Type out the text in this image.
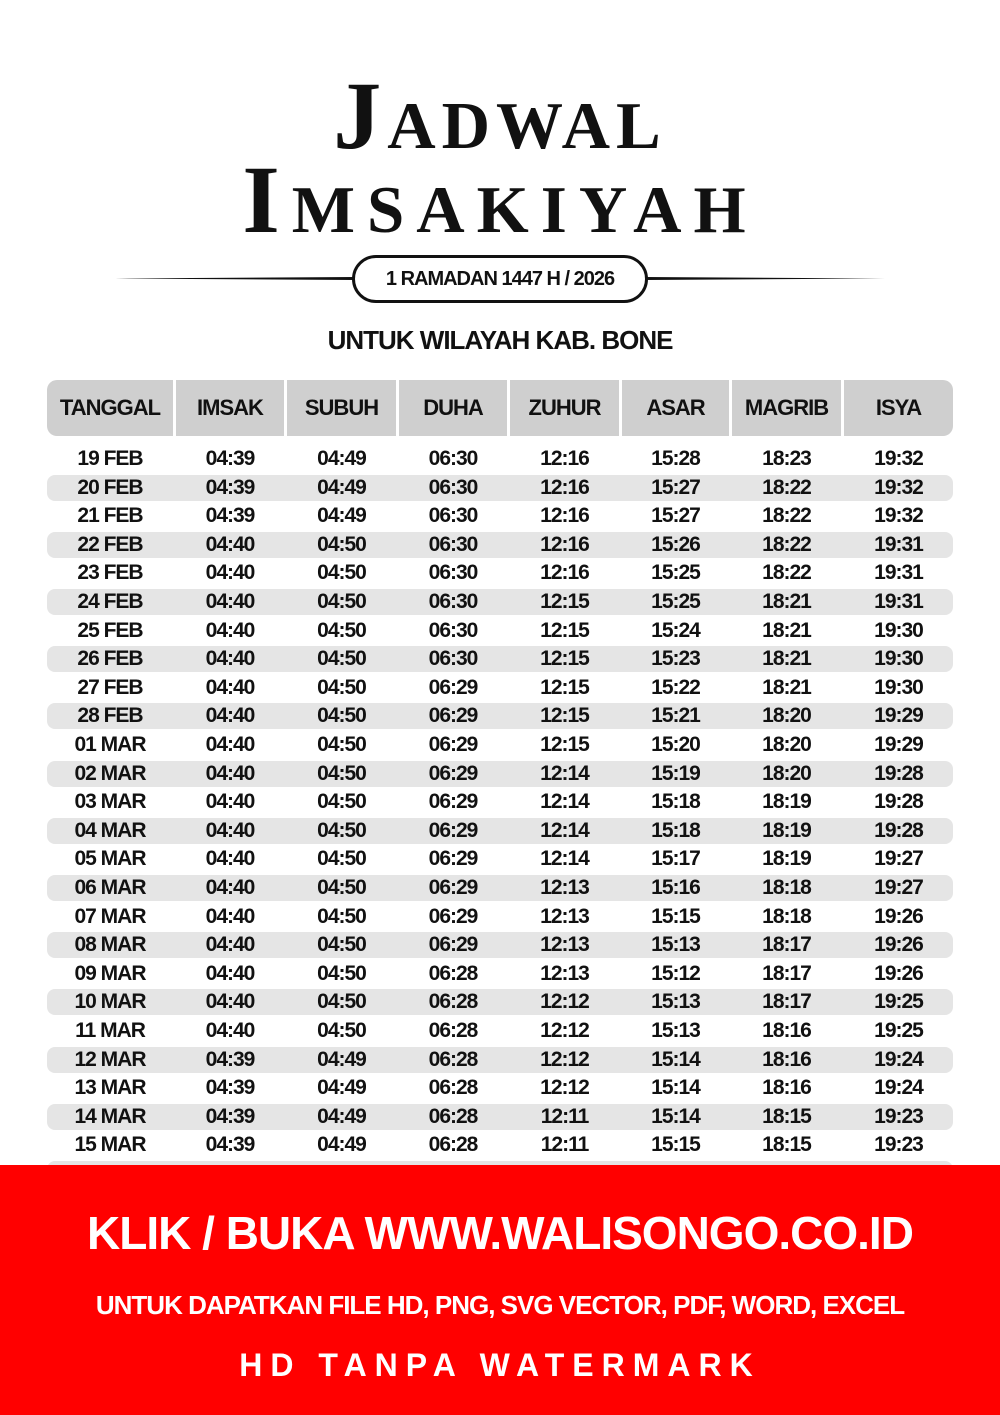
Jadwal
Imsakiyah
1 RAMADAN 1447 H / 2026
UNTUK WILAYAH KAB. BONE
TANGGAL	IMSAK	SUBUH	DUHA	ZUHUR	ASAR	MAGRIB	ISYA
19 FEB	04:39	04:49	06:30	12:16	15:28	18:23	19:32
20 FEB	04:39	04:49	06:30	12:16	15:27	18:22	19:32
21 FEB	04:39	04:49	06:30	12:16	15:27	18:22	19:32
22 FEB	04:40	04:50	06:30	12:16	15:26	18:22	19:31
23 FEB	04:40	04:50	06:30	12:16	15:25	18:22	19:31
24 FEB	04:40	04:50	06:30	12:15	15:25	18:21	19:31
25 FEB	04:40	04:50	06:30	12:15	15:24	18:21	19:30
26 FEB	04:40	04:50	06:30	12:15	15:23	18:21	19:30
27 FEB	04:40	04:50	06:29	12:15	15:22	18:21	19:30
28 FEB	04:40	04:50	06:29	12:15	15:21	18:20	19:29
01 MAR	04:40	04:50	06:29	12:15	15:20	18:20	19:29
02 MAR	04:40	04:50	06:29	12:14	15:19	18:20	19:28
03 MAR	04:40	04:50	06:29	12:14	15:18	18:19	19:28
04 MAR	04:40	04:50	06:29	12:14	15:18	18:19	19:28
05 MAR	04:40	04:50	06:29	12:14	15:17	18:19	19:27
06 MAR	04:40	04:50	06:29	12:13	15:16	18:18	19:27
07 MAR	04:40	04:50	06:29	12:13	15:15	18:18	19:26
08 MAR	04:40	04:50	06:29	12:13	15:13	18:17	19:26
09 MAR	04:40	04:50	06:28	12:13	15:12	18:17	19:26
10 MAR	04:40	04:50	06:28	12:12	15:13	18:17	19:25
11 MAR	04:40	04:50	06:28	12:12	15:13	18:16	19:25
12 MAR	04:39	04:49	06:28	12:12	15:14	18:16	19:24
13 MAR	04:39	04:49	06:28	12:12	15:14	18:16	19:24
14 MAR	04:39	04:49	06:28	12:11	15:14	18:15	19:23
15 MAR	04:39	04:49	06:28	12:11	15:15	18:15	19:23
KLIK / BUKA WWW.WALISONGO.CO.ID
UNTUK DAPATKAN FILE HD, PNG, SVG VECTOR, PDF, WORD, EXCEL
HD TANPA WATERMARK
